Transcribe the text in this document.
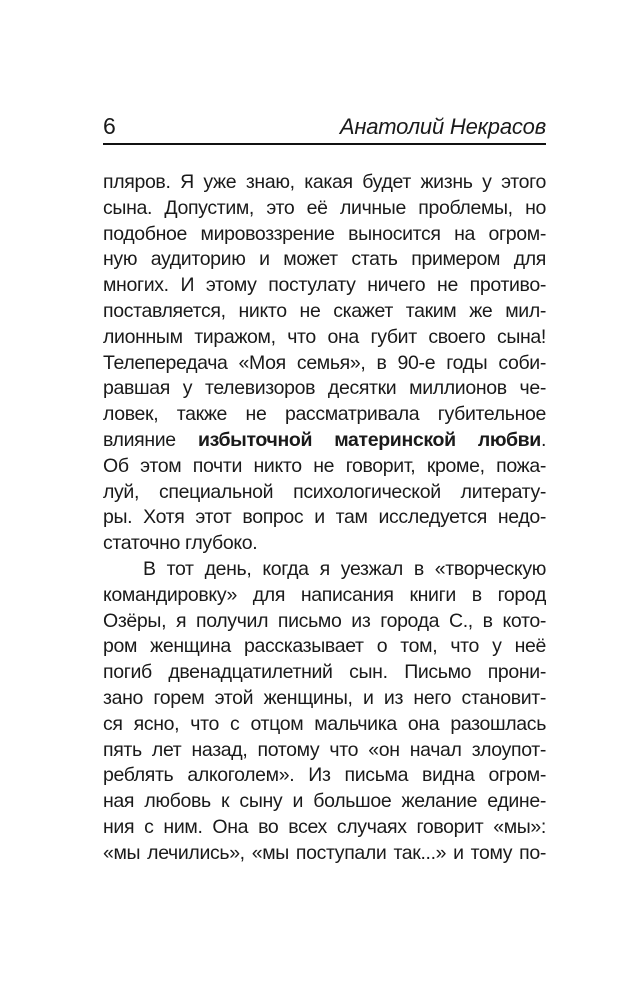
6	Анатолий Некрасов
пляров. Я уже знаю, какая будет жизнь у этого
сына. Допустим, это её личные проблемы, но
подобное мировоззрение выносится на огром-
ную аудиторию и может стать примером для
многих. И этому постулату ничего не противо-
поставляется, никто не скажет таким же мил-
лионным тиражом, что она губит своего сына!
Телепередача «Моя семья», в 90-е годы соби-
равшая у телевизоров десятки миллионов че-
ловек, также не рассматривала губительное
влияние избыточной материнской любви.
Об этом почти никто не говорит, кроме, пожа-
луй, специальной психологической литерату-
ры. Хотя этот вопрос и там исследуется недо-
статочно глубоко.
В тот день, когда я уезжал в «творческую
командировку» для написания книги в город
Озёры, я получил письмо из города С., в кото-
ром женщина рассказывает о том, что у неё
погиб двенадцатилетний сын. Письмо прони-
зано горем этой женщины, и из него становит-
ся ясно, что с отцом мальчика она разошлась
пять лет назад, потому что «он начал злоупот-
реблять алкоголем». Из письма видна огром-
ная любовь к сыну и большое желание едине-
ния с ним. Она во всех случаях говорит «мы»:
«мы лечились», «мы поступали так...» и тому по-
